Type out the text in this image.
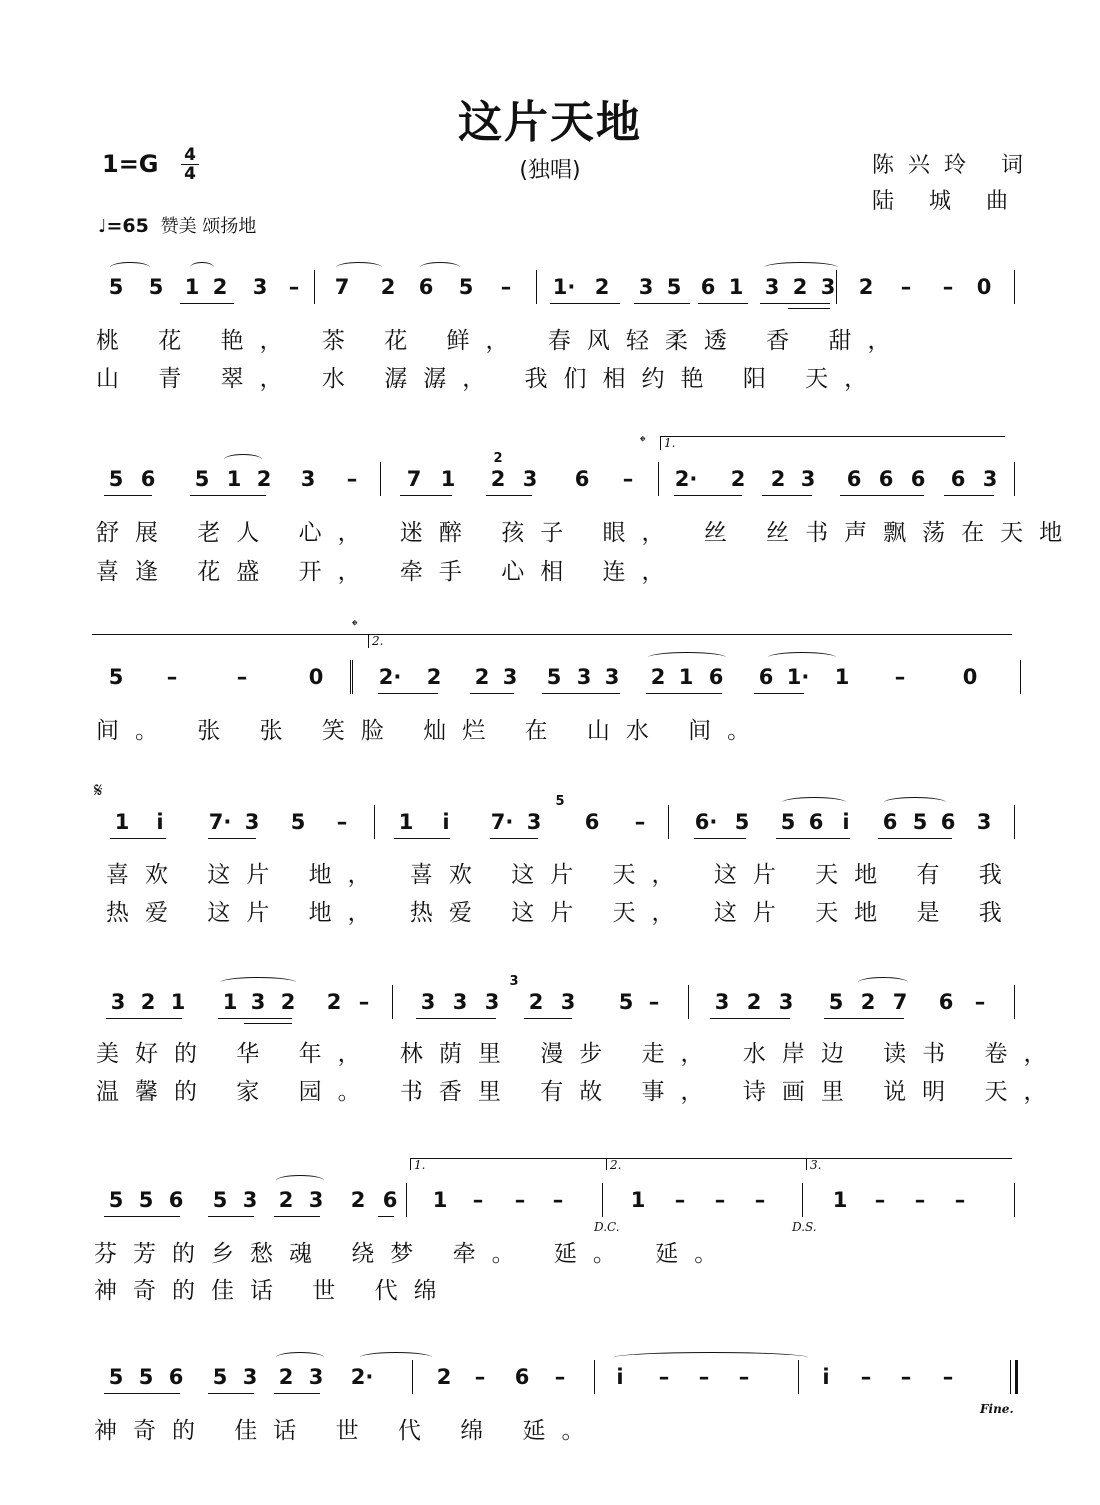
这片天地
(独唱)
1=G	4
4	陈兴玲 词
陆 城 曲
♩=65 赞美 颂扬地
5 5 1 2 3	–	7 2 6 5	–	1· 2 3 5 6 1 3 2 3 2	–	–	0
桃 花 艳， 茶 花 鲜， 春风轻柔透 香 甜，
山 青 翠， 水 潺潺， 我们相约艳 阳 天，
5 6 5 1 2 3	–	7 1 2 3 6	–	2· 2 2 3 6 6 6 6 3
2
舒展 老人 心， 迷醉 孩子 眼， 丝 丝书声飘荡在天地
喜逢 花盛 开， 牵手 心相 连，
5	–	–	0	2· 2 2 3 5 3 3 2 1 6 6 1· 1	–	0
间。 张 张 笑脸 灿烂 在 山水 间。
1	i	7· 3 5	–	1	i	7· 3 6	–	6· 5 5 6 i	6 5 6 3
5
喜欢 这片 地， 喜欢 这片 天， 这片 天地 有 我
热爱 这片 地， 热爱 这片 天， 这片 天地 是 我
3 2 1 1 3 2 2 –	3 3 3 2 3 5 –	3 2 3 5 2 7 6	–
3
美好的 华 年， 林荫里 漫步 走， 水岸边 读书 卷，
温馨的 家 园。 书香里 有故 事， 诗画里 说明 天，
5 5 6 5 3 2 3 2 6 1	–	–	–	1	–	–	–	1	–	–	–
芬芳的乡愁魂 绕梦 牵。 延。 延。
神奇的佳话 世 代绵
5 5 6 5 3 2 3 2·	2	–	6	–	i	–	–	–	i	–	–	–
神奇的 佳话 世 代 绵 延。
𝄌 1.
𝄌
2.
𝄋
1.	2.	3.
D.C.	D.S.
Fine.
